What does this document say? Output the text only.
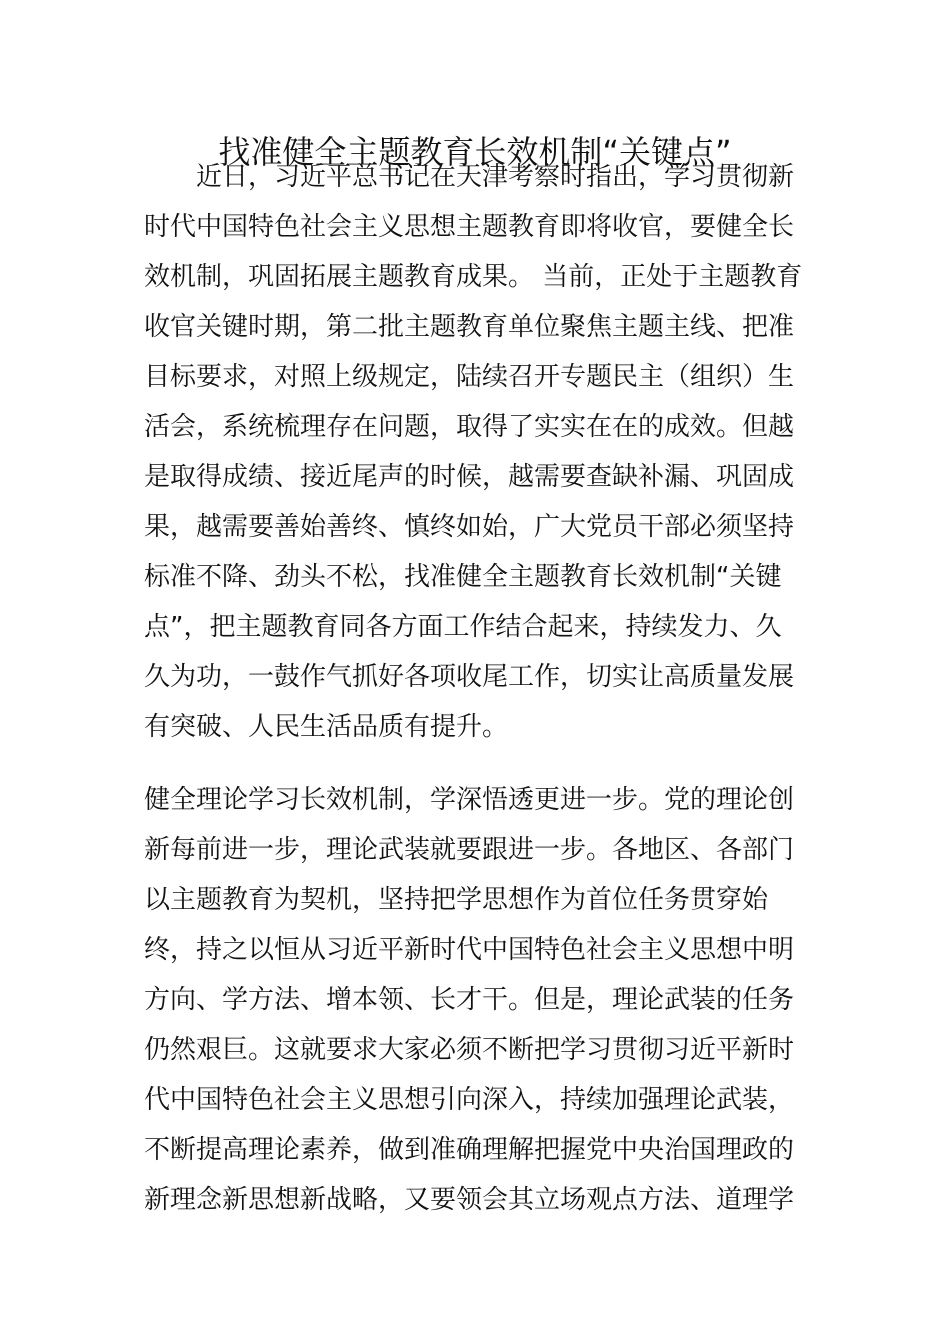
找准健全主题教育长效机制“关键点”
　　近日，习近平总书记在天津考察时指出，学习贯彻新
时代中国特色社会主义思想主题教育即将收官，要健全长
效机制，巩固拓展主题教育成果。 当前，正处于主题教育
收官关键时期，第二批主题教育单位聚焦主题主线、把准
目标要求，对照上级规定，陆续召开专题民主（组织）生
活会，系统梳理存在问题，取得了实实在在的成效。但越
是取得成绩、接近尾声的时候，越需要查缺补漏、巩固成
果，越需要善始善终、慎终如始，广大党员干部必须坚持
标准不降、劲头不松，找准健全主题教育长效机制“关键
点”，把主题教育同各方面工作结合起来，持续发力、久
久为功，一鼓作气抓好各项收尾工作，切实让高质量发展
有突破、人民生活品质有提升。
健全理论学习长效机制，学深悟透更进一步。党的理论创
新每前进一步，理论武装就要跟进一步。各地区、各部门
以主题教育为契机，坚持把学思想作为首位任务贯穿始
终，持之以恒从习近平新时代中国特色社会主义思想中明
方向、学方法、增本领、长才干。但是，理论武装的任务
仍然艰巨。这就要求大家必须不断把学习贯彻习近平新时
代中国特色社会主义思想引向深入，持续加强理论武装，
不断提高理论素养，做到准确理解把握党中央治国理政的
新理念新思想新战略，又要领会其立场观点方法、道理学
